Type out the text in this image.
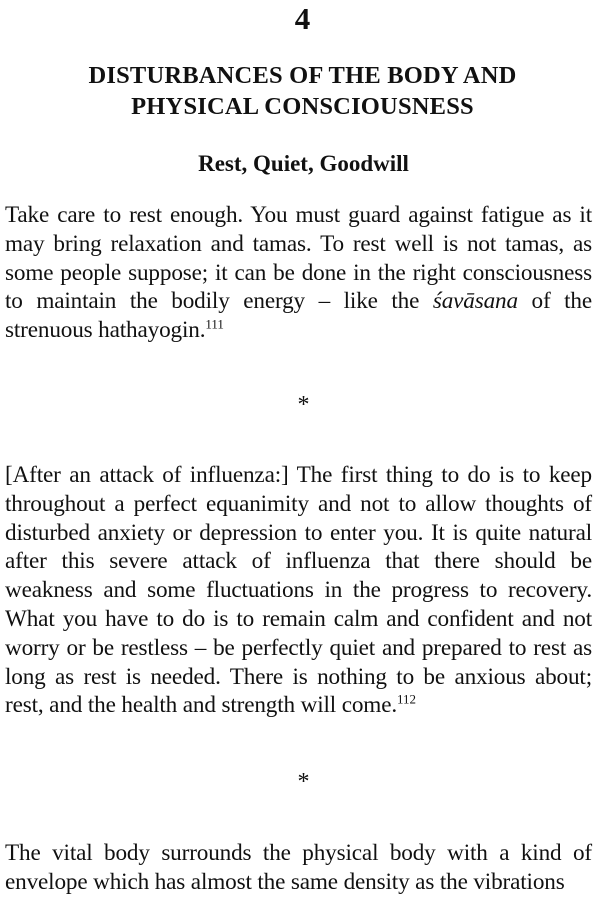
4
DISTURBANCES OF THE BODY AND
PHYSICAL CONSCIOUSNESS
Rest, Quiet, Goodwill

Take care to rest enough. You must guard against fatigue as it may bring relaxation and tamas. To rest well is not tamas, as some people suppose; it can be done in the right consciousness to maintain the bodily energy – like the śavāsana of the strenuous hathayogin.$^{111}$

*

[After an attack of influenza:] The first thing to do is to keep throughout a perfect equanimity and not to allow thoughts of disturbed anxiety or depression to enter you. It is quite natural after this severe attack of influenza that there should be weakness and some fluctuations in the progress to recovery. What you have to do is to remain calm and confident and not worry or be restless – be perfectly quiet and prepared to rest as long as rest is needed. There is nothing to be anxious about; rest, and the health and strength will come.$^{112}$

*

The vital body surrounds the physical body with a kind of envelope which has almost the same density as the vibrations
